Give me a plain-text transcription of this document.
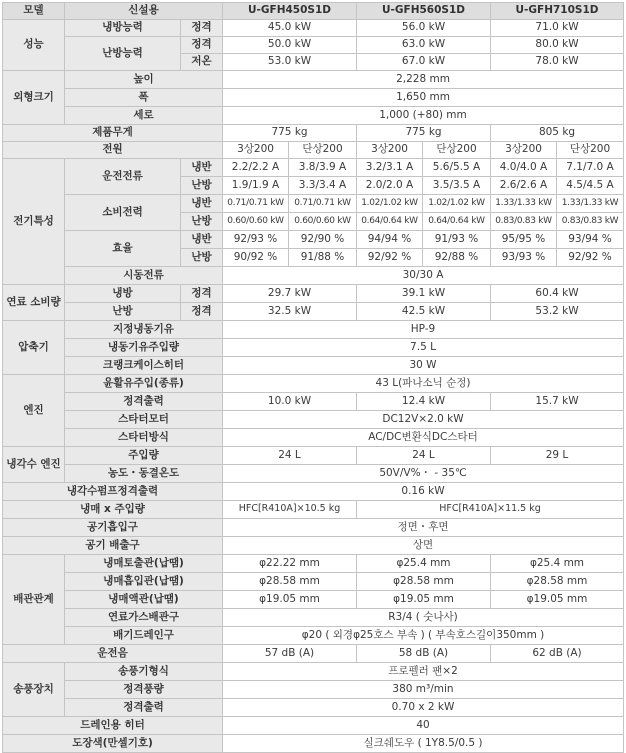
모델	신설용		U-GFH450S1D		U-GFH560S1D		U-GFH710S1D	
성능	냉방능력	정격	45.0 kW		56.0 kW		71.0 kW	
	난방능력	정격	50.0 kW		63.0 kW		80.0 kW	
		저온	53.0 kW		67.0 kW		78.0 kW	
외형크기	높이		2,228 mm					
	폭		1,650 mm					
	세로		1,000 (+80) mm					
제품무게			775 kg		775 kg		805 kg	
전원			3상200	단상200	3상200	단상200	3상200	단상200
전기특성	운전전류	냉반	2.2/2.2 A	3.8/3.9 A	3.2/3.1 A	5.6/5.5 A	4.0/4.0 A	7.1/7.0 A
		난방	1.9/1.9 A	3.3/3.4 A	2.0/2.0 A	3.5/3.5 A	2.6/2.6 A	4.5/4.5 A
	소비전력	냉반	0.71/0.71 kW	0.71/0.71 kW	1.02/1.02 kW	1.02/1.02 kW	1.33/1.33 kW	1.33/1.33 kW
		난방	0.60/0.60 kW	0.60/0.60 kW	0.64/0.64 kW	0.64/0.64 kW	0.83/0.83 kW	0.83/0.83 kW
	효율	냉반	92/93 %	92/90 %	94/94 %	91/93 %	95/95 %	93/94 %
		난방	90/92 %	91/88 %	92/92 %	92/88 %	93/93 %	92/92 %
	시동전류		30/30 A					
연료 소비량	냉방	정격	29.7 kW		39.1 kW		60.4 kW	
	난방	정격	32.5 kW		42.5 kW		53.2 kW	
압축기	지정냉동기유		HP-9					
	냉동기유주입량		7.5 L					
	크랭크케이스히터		30 W					
엔진	윤활유주입(종류)		43 L(파나소닉 순정)					
	정격출력		10.0 kW		12.4 kW		15.7 kW	
	스타터모터		DC12V×2.0 kW					
	스타터방식		AC/DC변환식DC스타터					
냉각수 엔진	주입량		24 L		24 L		29 L	
	농도・동결온도		50V/V%・ - 35℃					
냉각수펌프정격출력			0.16 kW					
냉매 x 주입량			HFC[R410A]×10.5 kg		HFC[R410A]×11.5 kg			
공기흡입구			정면・후면					
공기 배출구			상면					
배관관계	냉매토출관(납땜)		φ22.22 mm		φ25.4 mm		φ25.4 mm	
	냉매흡입관(납땜)		φ28.58 mm		φ28.58 mm		φ28.58 mm	
	냉매액관(납땜)		φ19.05 mm		φ19.05 mm		φ19.05 mm	
	연료가스배관구		R3/4 ( 숫나사)					
	배기드레인구		φ20 ( 외경φ25호스 부속 ) ( 부속호스길이350mm )					
운전음			57 dB (A)		58 dB (A)		62 dB (A)	
송풍장치	송풍기형식		프로펠러 팬×2					
	정격풍량		380 m³/min					
	정격출력		0.70 x 2 kW					
드레인용 히터			40					
도장색(만셀기호)			실크쉐도우 ( 1Y8.5/0.5 )					
